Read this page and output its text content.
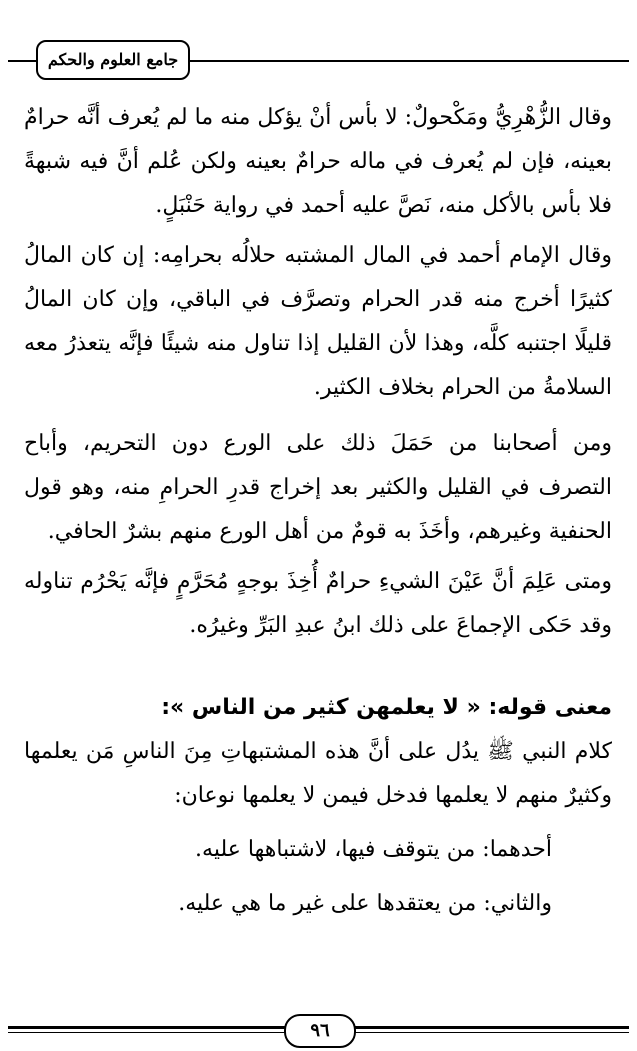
جامع العلوم والحكم

وقال الزُّهْرِيُّ ومَكْحولٌ: لا بأس أنْ يؤكل منه ما لم يُعرف أنَّه حرامٌ بعينه، فإن لم يُعرف في ماله حرامٌ بعينه ولكن عُلم أنَّ فيه شبهةً فلا بأس بالأكل منه، نَصَّ عليه أحمد في رواية حَنْبَلٍ.

وقال الإمام أحمد في المال المشتبه حلالُه بحرامِه: إن كان المالُ كثيرًا أخرج منه قدر الحرام وتصرَّف في الباقي، وإن كان المالُ قليلًا اجتنبه كلَّه، وهذا لأن القليل إذا تناول منه شيئًا فإنَّه يتعذرُ معه السلامةُ من الحرام بخلاف الكثير.

ومن أصحابنا من حَمَلَ ذلك على الورع دون التحريم، وأباح التصرف في القليل والكثير بعد إخراج قدرِ الحرامِ منه، وهو قول الحنفية وغيرهم، وأخَذَ به قومٌ من أهل الورع منهم بشرٌ الحافي.

ومتى عَلِمَ أنَّ عَيْنَ الشيءِ حرامٌ أُخِذَ بوجهٍ مُحَرَّمٍ فإنَّه يَحْرُم تناوله وقد حَكى الإجماعَ على ذلك ابنُ عبدِ البَرِّ وغيرُه.

معنى قوله: « لا يعلمهن كثير من الناس »:

كلام النبي ﷺ يدُل على أنَّ هذه المشتبهاتِ مِنَ الناسِ مَن يعلمها وكثيرٌ منهم لا يعلمها فدخل فيمن لا يعلمها نوعان:

أحدهما: من يتوقف فيها، لاشتباهها عليه.

والثاني: من يعتقدها على غير ما هي عليه.

٩٦
